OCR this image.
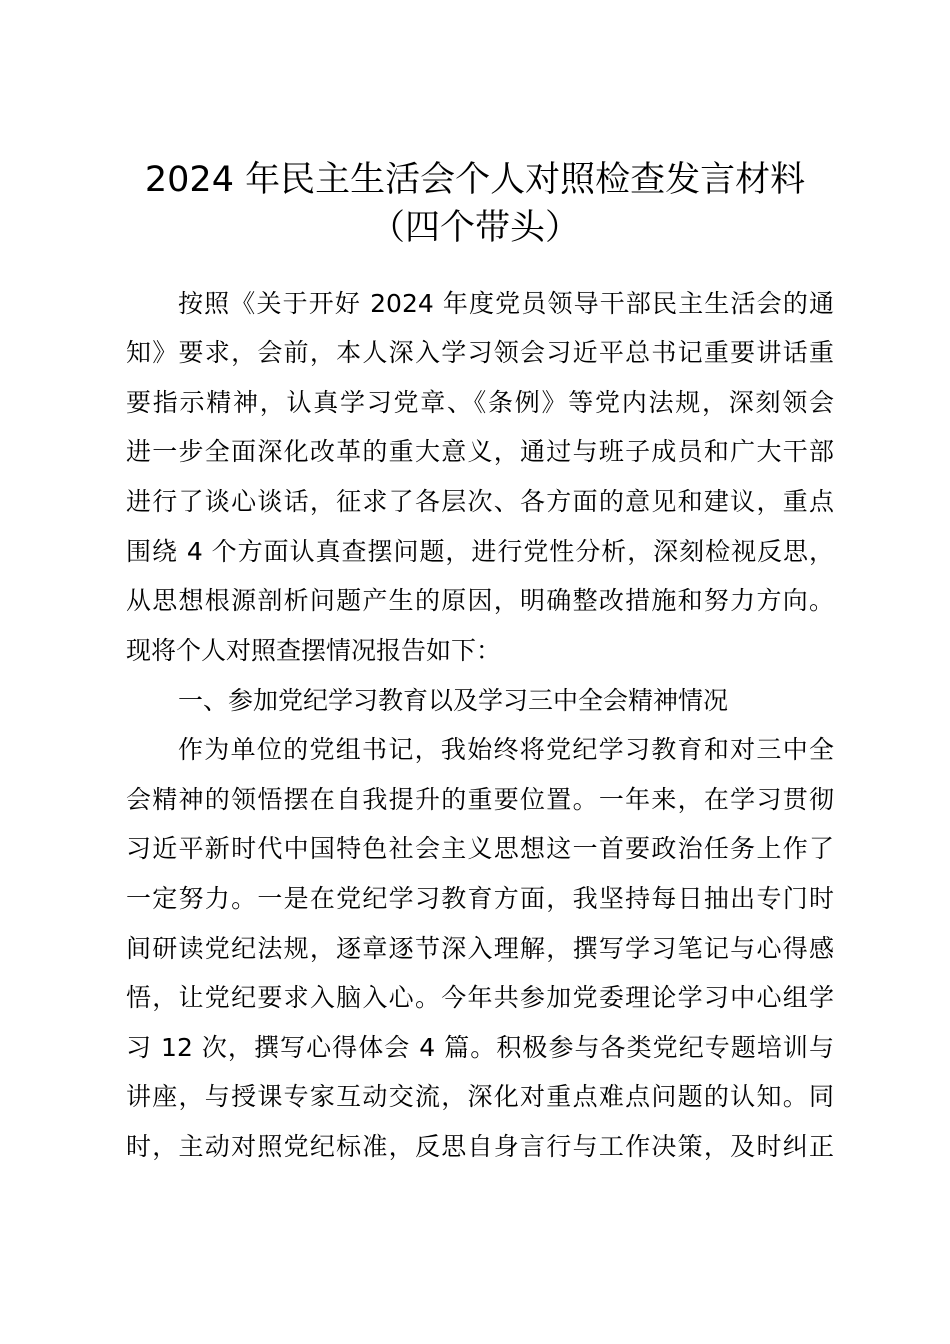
2024 年民主生活会个人对照检查发言材料
（四个带头）
按照《关于开好 2024 年度党员领导干部民主生活会的通
知》要求，会前，本人深入学习领会习近平总书记重要讲话重
要指示精神，认真学习党章、《条例》等党内法规，深刻领会
进一步全面深化改革的重大意义，通过与班子成员和广大干部
进行了谈心谈话，征求了各层次、各方面的意见和建议，重点
围绕 4 个方面认真查摆问题，进行党性分析，深刻检视反思，
从思想根源剖析问题产生的原因，明确整改措施和努力方向。
现将个人对照查摆情况报告如下：
一、参加党纪学习教育以及学习三中全会精神情况
作为单位的党组书记，我始终将党纪学习教育和对三中全
会精神的领悟摆在自我提升的重要位置。一年来，在学习贯彻
习近平新时代中国特色社会主义思想这一首要政治任务上作了
一定努力。一是在党纪学习教育方面，我坚持每日抽出专门时
间研读党纪法规，逐章逐节深入理解，撰写学习笔记与心得感
悟，让党纪要求入脑入心。今年共参加党委理论学习中心组学
习 12 次，撰写心得体会 4 篇。积极参与各类党纪专题培训与
讲座，与授课专家互动交流，深化对重点难点问题的认知。同
时，主动对照党纪标准，反思自身言行与工作决策，及时纠正
